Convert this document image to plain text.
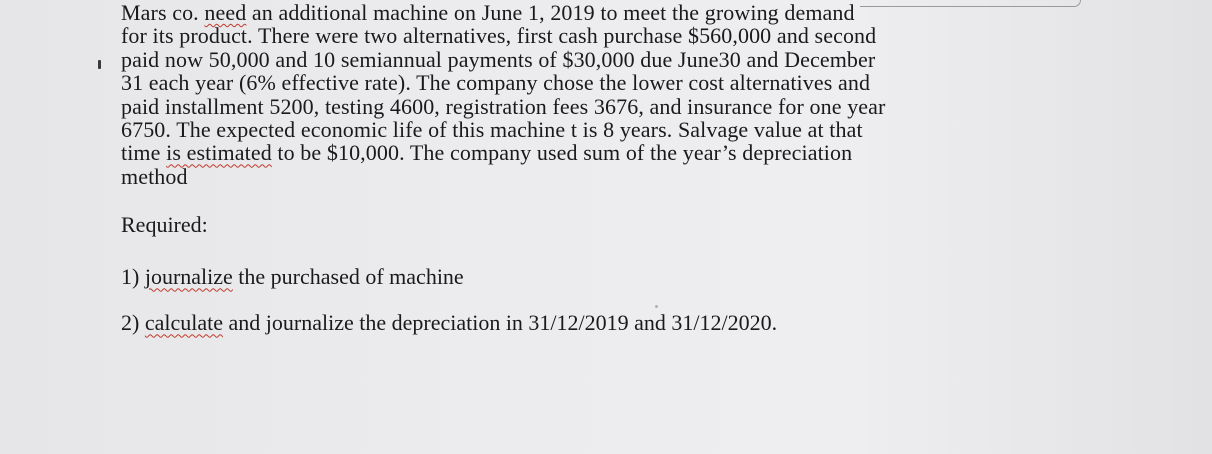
Mars co. need an additional machine on June 1, 2019 to meet the growing demand
for its product. There were two alternatives, first cash purchase $560,000 and second
paid now 50,000 and 10 semiannual payments of $30,000 due June30 and December
31 each year (6% effective rate). The company chose the lower cost alternatives and
paid installment 5200, testing 4600, registration fees 3676, and insurance for one year
6750. The expected economic life of this machine t is 8 years. Salvage value at that
time is estimated to be $10,000. The company used sum of the year’s depreciation
method
Required:
1) journalize the purchased of machine
2) calculate and journalize the depreciation in 31/12/2019 and 31/12/2020.
